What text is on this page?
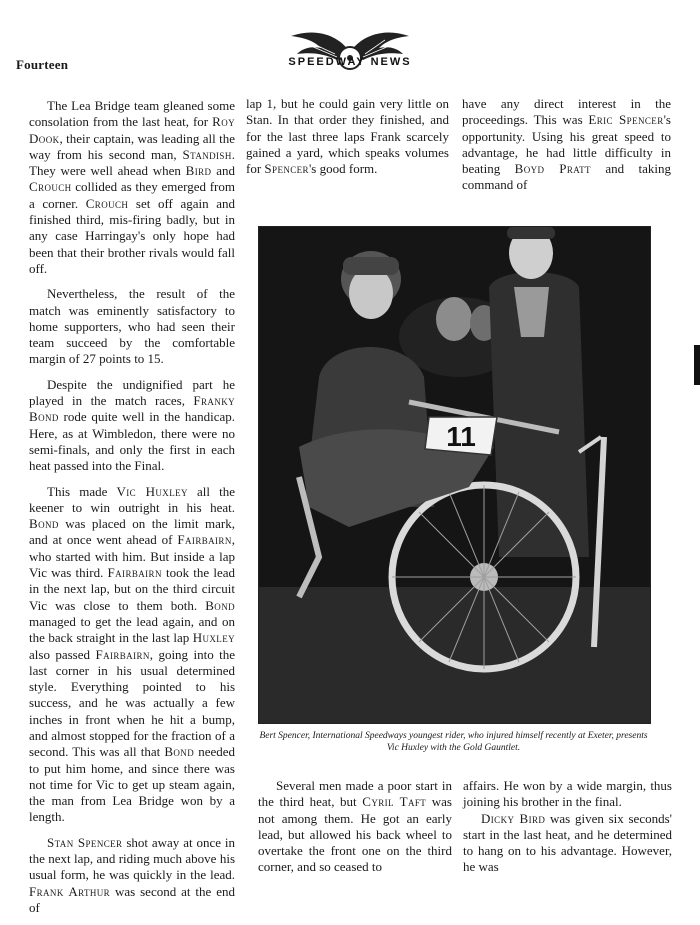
Fourteen	SPEEDWAY NEWS

The Lea Bridge team gleaned some consolation from the last heat, for Roy Dook, their captain, was leading all the way from his second man, Standish. They were well ahead when Bird and Crouch collided as they emerged from a corner. Crouch set off again and finished third, mis-firing badly, but in any case Harringay's only hope had been that their brother rivals would fall off.

Nevertheless, the result of the match was eminently satisfactory to home supporters, who had seen their team succeed by the comfortable margin of 27 points to 15.

Despite the undignified part he played in the match races, Franky Bond rode quite well in the handicap. Here, as at Wimbledon, there were no semi-finals, and only the first in each heat passed into the Final.

This made Vic Huxley all the keener to win outright in his heat. Bond was placed on the limit mark, and at once went ahead of Fairbairn, who started with him. But inside a lap Vic was third. Fairbairn took the lead in the next lap, but on the third circuit Vic was close to them both. Bond managed to get the lead again, and on the back straight in the last lap Huxley also passed Fairbairn, going into the last corner in his usual determined style. Everything pointed to his success, and he was actually a few inches in front when he hit a bump, and almost stopped for the fraction of a second. This was all that Bond needed to put him home, and since there was not time for Vic to get up steam again, the man from Lea Bridge won by a length.

Stan Spencer shot away at once in the next lap, and riding much above his usual form, he was quickly in the lead. Frank Arthur was second at the end of

lap 1, but he could gain very little on Stan. In that order they finished, and for the last three laps Frank scarcely gained a yard, which speaks volumes for Spencer's good form.

have any direct interest in the proceedings. This was Eric Spencer's opportunity. Using his great speed to advantage, he had little difficulty in beating Boyd Pratt and taking command of

11
Bert Spencer, International Speedways youngest rider, who injured himself recently at Exeter, presents Vic Huxley with the Gold Gauntlet.

Several men made a poor start in the third heat, but Cyril Taft was not among them. He got an early lead, but allowed his back wheel to overtake the front one on the third corner, and so ceased to

affairs. He won by a wide margin, thus joining his brother in the final.

Dicky Bird was given six seconds' start in the last heat, and he determined to hang on to his advantage. However, he was
